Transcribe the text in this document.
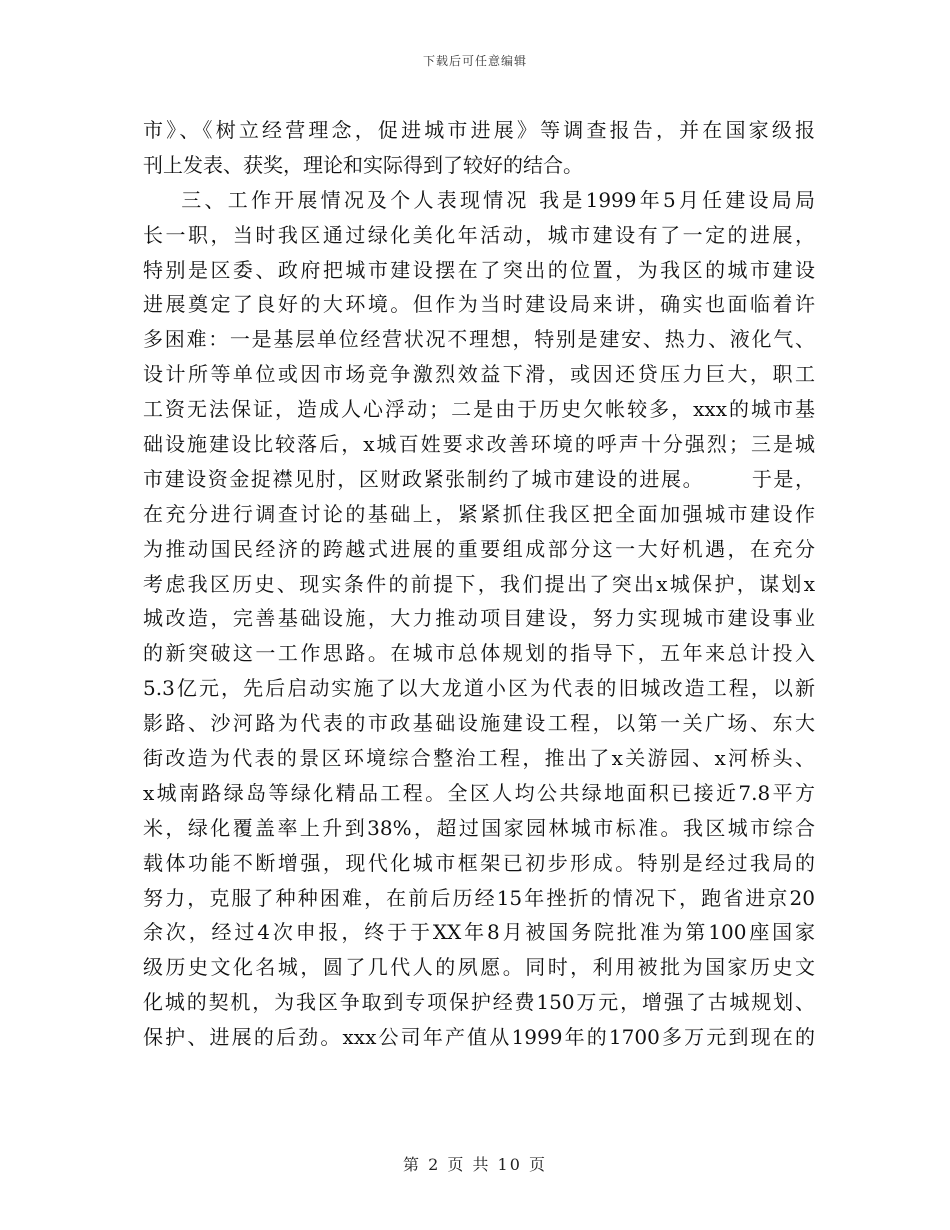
下载后可任意编辑
市》、《树立经营理念，促进城市进展》等调查报告，并在国家级报
刊上发表、获奖，理论和实际得到了较好的结合。
三、工作开展情况及个人表现情况 我是1999年5月任建设局局
长一职，当时我区通过绿化美化年活动，城市建设有了一定的进展，
特别是区委、政府把城市建设摆在了突出的位置，为我区的城市建设
进展奠定了良好的大环境。但作为当时建设局来讲，确实也面临着许
多困难：一是基层单位经营状况不理想，特别是建安、热力、液化气、
设计所等单位或因市场竞争激烈效益下滑，或因还贷压力巨大，职工
工资无法保证，造成人心浮动；二是由于历史欠帐较多，xxx的城市基
础设施建设比较落后，x城百姓要求改善环境的呼声十分强烈；三是城
市建设资金捉襟见肘，区财政紧张制约了城市建设的进展。      于是，
在充分进行调查讨论的基础上，紧紧抓住我区把全面加强城市建设作
为推动国民经济的跨越式进展的重要组成部分这一大好机遇，在充分
考虑我区历史、现实条件的前提下，我们提出了突出x城保护，谋划x
城改造，完善基础设施，大力推动项目建设，努力实现城市建设事业
的新突破这一工作思路。在城市总体规划的指导下，五年来总计投入
5.3亿元，先后启动实施了以大龙道小区为代表的旧城改造工程，以新
影路、沙河路为代表的市政基础设施建设工程，以第一关广场、东大
街改造为代表的景区环境综合整治工程，推出了x关游园、x河桥头、
x城南路绿岛等绿化精品工程。全区人均公共绿地面积已接近7.8平方
米，绿化覆盖率上升到38%，超过国家园林城市标准。我区城市综合
载体功能不断增强，现代化城市框架已初步形成。特别是经过我局的
努力，克服了种种困难，在前后历经15年挫折的情况下，跑省进京20
余次，经过4次申报，终于于XX年8月被国务院批准为第100座国家
级历史文化名城，圆了几代人的夙愿。同时，利用被批为国家历史文
化城的契机，为我区争取到专项保护经费150万元，增强了古城规划、
保护、进展的后劲。xxx公司年产值从1999年的1700多万元到现在的
第 2 页 共 10 页
